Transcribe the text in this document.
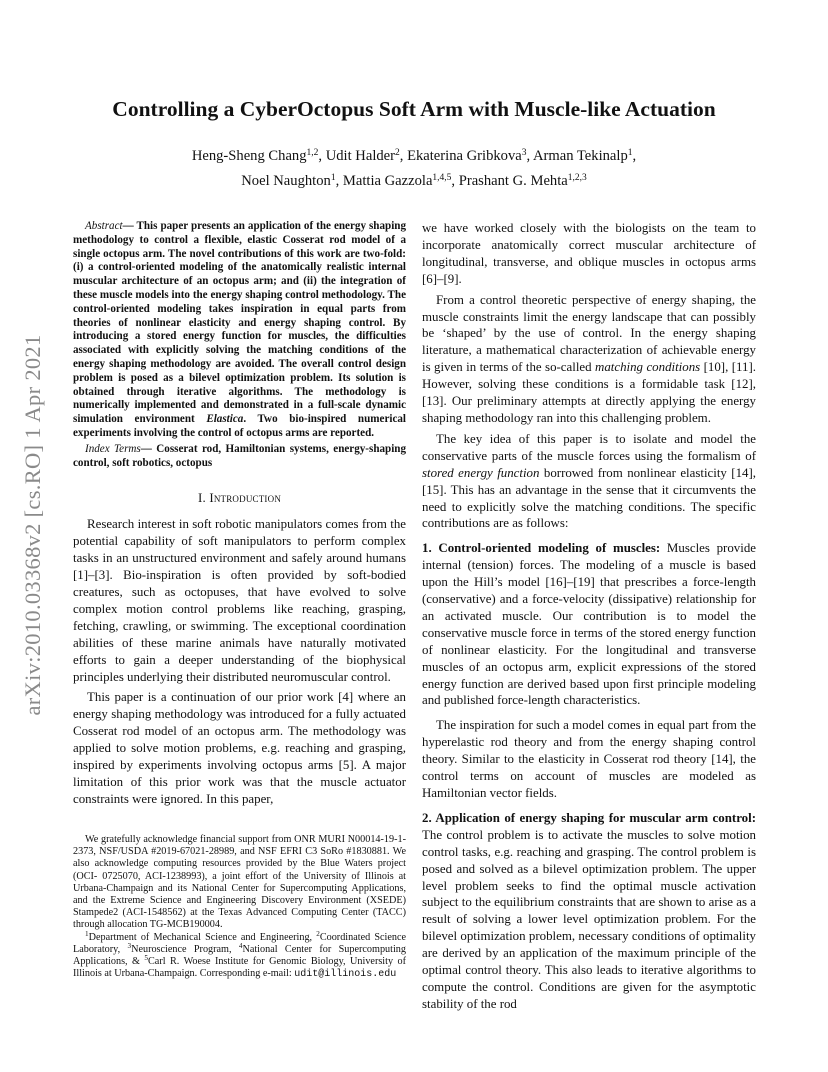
arXiv:2010.03368v2 [cs.RO] 1 Apr 2021
Controlling a CyberOctopus Soft Arm with Muscle-like Actuation
Heng-Sheng Chang$^{1,2}$, Udit Halder$^2$, Ekaterina Gribkova$^3$, Arman Tekinalp$^1$,
Noel Naughton$^1$, Mattia Gazzola$^{1,4,5}$, Prashant G. Mehta$^{1,2,3}$

Abstract— This paper presents an application of the energy shaping methodology to control a flexible, elastic Cosserat rod model of a single octopus arm. The novel contributions of this work are two-fold: (i) a control-oriented modeling of the anatomically realistic internal muscular architecture of an octopus arm; and (ii) the integration of these muscle models into the energy shaping control methodology. The control-oriented modeling takes inspiration in equal parts from theories of nonlinear elasticity and energy shaping control. By introducing a stored energy function for muscles, the difficulties associated with explicitly solving the matching conditions of the energy shaping methodology are avoided. The overall control design problem is posed as a bilevel optimization problem. Its solution is obtained through iterative algorithms. The methodology is numerically implemented and demonstrated in a full-scale dynamic simulation environment Elastica. Two bio-inspired numerical experiments involving the control of octopus arms are reported.

Index Terms— Cosserat rod, Hamiltonian systems, energy-shaping control, soft robotics, octopus

I. Introduction

Research interest in soft robotic manipulators comes from the potential capability of soft manipulators to perform complex tasks in an unstructured environment and safely around humans [1]–[3]. Bio-inspiration is often provided by soft-bodied creatures, such as octopuses, that have evolved to solve complex motion control problems like reaching, grasping, fetching, crawling, or swimming. The exceptional coordination abilities of these marine animals have naturally motivated efforts to gain a deeper understanding of the biophysical principles underlying their distributed neuromuscular control.

This paper is a continuation of our prior work [4] where an energy shaping methodology was introduced for a fully actuated Cosserat rod model of an octopus arm. The methodology was applied to solve motion problems, e.g. reaching and grasping, inspired by experiments involving octopus arms [5]. A major limitation of this prior work was that the muscle actuator constraints were ignored. In this paper,

we have worked closely with the biologists on the team to incorporate anatomically correct muscular architecture of longitudinal, transverse, and oblique muscles in octopus arms [6]–[9].

From a control theoretic perspective of energy shaping, the muscle constraints limit the energy landscape that can possibly be ‘shaped’ by the use of control. In the energy shaping literature, a mathematical characterization of achievable energy is given in terms of the so-called matching conditions [10], [11]. However, solving these conditions is a formidable task [12], [13]. Our preliminary attempts at directly applying the energy shaping methodology ran into this challenging problem.

The key idea of this paper is to isolate and model the conservative parts of the muscle forces using the formalism of stored energy function borrowed from nonlinear elasticity [14], [15]. This has an advantage in the sense that it circumvents the need to explicitly solve the matching conditions. The specific contributions are as follows:

1. Control-oriented modeling of muscles: Muscles provide internal (tension) forces. The modeling of a muscle is based upon the Hill’s model [16]–[19] that prescribes a force-length (conservative) and a force-velocity (dissipative) relationship for an activated muscle. Our contribution is to model the conservative muscle force in terms of the stored energy function of nonlinear elasticity. For the longitudinal and transverse muscles of an octopus arm, explicit expressions of the stored energy function are derived based upon first principle modeling and published force-length characteristics.

The inspiration for such a model comes in equal part from the hyperelastic rod theory and from the energy shaping control theory. Similar to the elasticity in Cosserat rod theory [14], the control terms on account of muscles are modeled as Hamiltonian vector fields.

2. Application of energy shaping for muscular arm control: The control problem is to activate the muscles to solve motion control tasks, e.g. reaching and grasping. The control problem is posed and solved as a bilevel optimization problem. The upper level problem seeks to find the optimal muscle activation subject to the equilibrium constraints that are shown to arise as a result of solving a lower level optimization problem. For the bilevel optimization problem, necessary conditions of optimality are derived by an application of the maximum principle of the optimal control theory. This also leads to iterative algorithms to compute the control. Conditions are given for the asymptotic stability of the rod

We gratefully acknowledge financial support from ONR MURI N00014-19-1-2373, NSF/USDA #2019-67021-28989, and NSF EFRI C3 SoRo #1830881. We also acknowledge computing resources provided by the Blue Waters project (OCI- 0725070, ACI-1238993), a joint effort of the University of Illinois at Urbana-Champaign and its National Center for Supercomputing Applications, and the Extreme Science and Engineering Discovery Environment (XSEDE) Stampede2 (ACI-1548562) at the Texas Advanced Computing Center (TACC) through allocation TG-MCB190004.

$^1$Department of Mechanical Science and Engineering, $^2$Coordinated Science Laboratory, $^3$Neuroscience Program, $^4$National Center for Supercomputing Applications, & $^5$Carl R. Woese Institute for Genomic Biology, University of Illinois at Urbana-Champaign. Corresponding e-mail: udit@illinois.edu
